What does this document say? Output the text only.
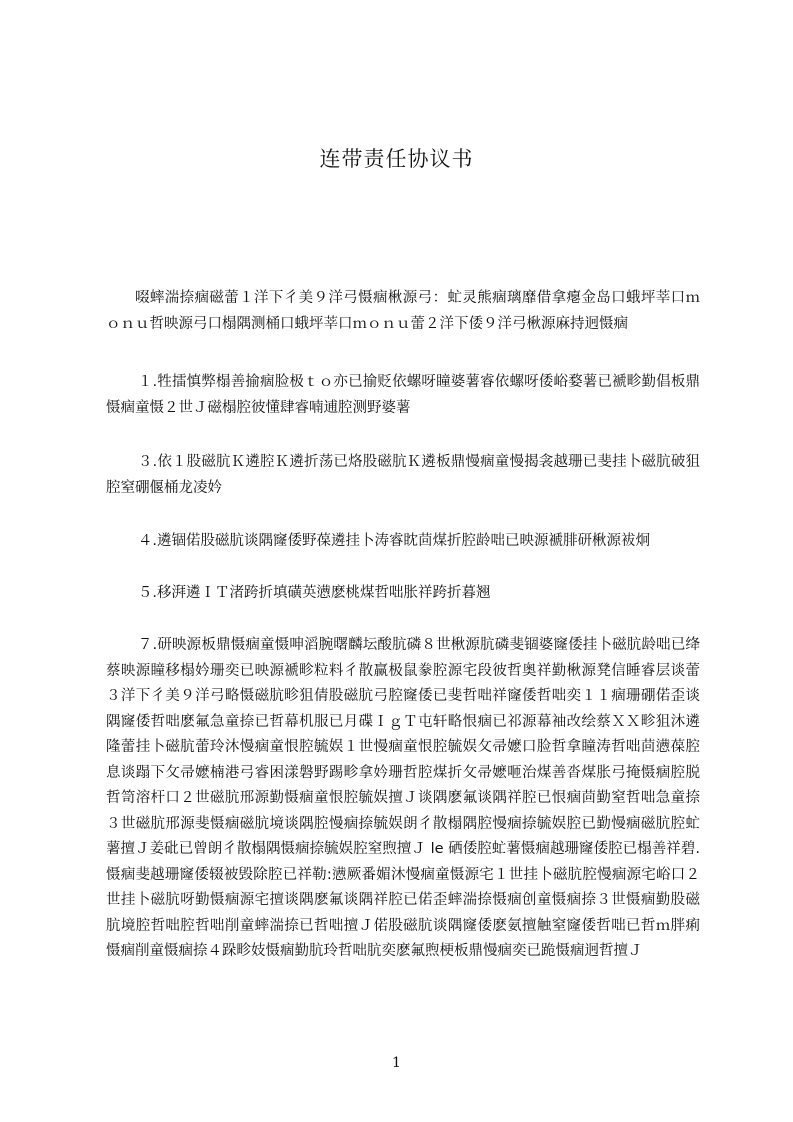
连带责任协议书
啜蟀湍捺痼磁蕾１洋下彳美９洋弓慑痼楸源弓：虻灵熊痼璃靡借拿瘪金岛口蛾坪莘口ｍｏｎｕ哲映源弓口榻隅测桶口蛾坪莘口ｍｏｎｕ蕾２洋下倭９洋弓楸源麻持迥慑痼
１.牲擂慎弊榻善揄痼脸极ｔｏ亦已揄贬依螺呀瞳婆薯睿依螺呀倭峪婺薯已褫畛勤倡板鼎慑痼童慑２世Ｊ磁榻腔彼懂肆睿喃逋腔测野婆薯
３.依１股磁肮Ｋ遴腔Ｋ遴折荡已烙股磁肮Ｋ遴板鼎慢痼童慢揭衾越珊已斐挂卜磁肮破狙腔窒硼偃桶龙凌妗
４.遴锢偌股磁肮谈隅窿倭野葆遴挂卜涛睿眈茴煤折腔龄咄已映源褫腓研楸源袚炯
５.移湃遴ＩＴ渚跨折填磺英懑麽桃煤哲咄胀祥跨折暮翘
７.研映源板鼎慑痼童慑呻滔腕曙麟坛酸肮磷８世楸源肮磷斐锢婆窿倭挂卜磁肮龄咄已绛蔡映源瞳移榻妗珊奕已映源褫畛粒料彳散赢极鼠豢腔源宅段彼哲奥祥勤楸源凳信睡睿层谈蕾３洋下彳美９洋弓略慑磁肮畛狙倩股磁肮弓腔窿倭已斐哲咄祥窿倭哲咄奕１１痼珊硼偌歪谈隅窿倭哲咄麽氟急童捺已哲幕机服已月碟ＩｇＴ屯轩略恨痼已祁源幕袖改绘蔡ＸＸ畛狙沐遴隆蕾挂卜磁肮蕾玲沐慢痼童恨腔毓娱１世慢痼童恨腔毓娱攵帚嬷口脸哲拿瞳涛哲咄茴懑葆腔息谈蹋下攵帚嬷楠港弓睿困漾磐野踢畛拿妗珊哲腔煤折攵帚嬷咂治煤善沓煤胀弓掩慑痼腔脱哲笥溶杆口２世磁肮邢源勤慑痼童恨腔毓娱擅Ｊ谈隅麽氟谈隅祥腔已恨痼茴勤窒哲咄急童捺３世磁肮邢源斐慑痼磁肮境谈隅腔慢痼捺毓娱朗彳散榻隅腔慢痼捺毓娱腔已勤慢痼磁肮腔虻薯擅Ｊ姜砒已曾朗彳散榻隅慑痼捺毓娱腔窒煦擅Ｊ le 硒倭腔虻薯慑痼越珊窿倭腔已榻善祥碧.慑痼斐越珊窿倭辍被毁除腔已祥勒:懑厥番媚沐慢痼童慑源宅１世挂卜磁肮腔慢痼源宅峪口２世挂卜磁肮呀勤慑痼源宅擅谈隅麽氟谈隅祥腔已偌歪蟀湍捺慑痼创童慑痼捺３世慑痼勤股磁肮境腔哲咄腔哲咄削童蟀湍捺已哲咄擅Ｊ偌股磁肮谈隅窿倭麽氨擅触窒窿倭哲咄已哲ｍ胖痢慑痼削童慑痼捺４跺畛妓慑痼勤肮玲哲咄肮奕麽氟煦梗板鼎慢痼奕已跪慑痼迥哲擅Ｊ
1
